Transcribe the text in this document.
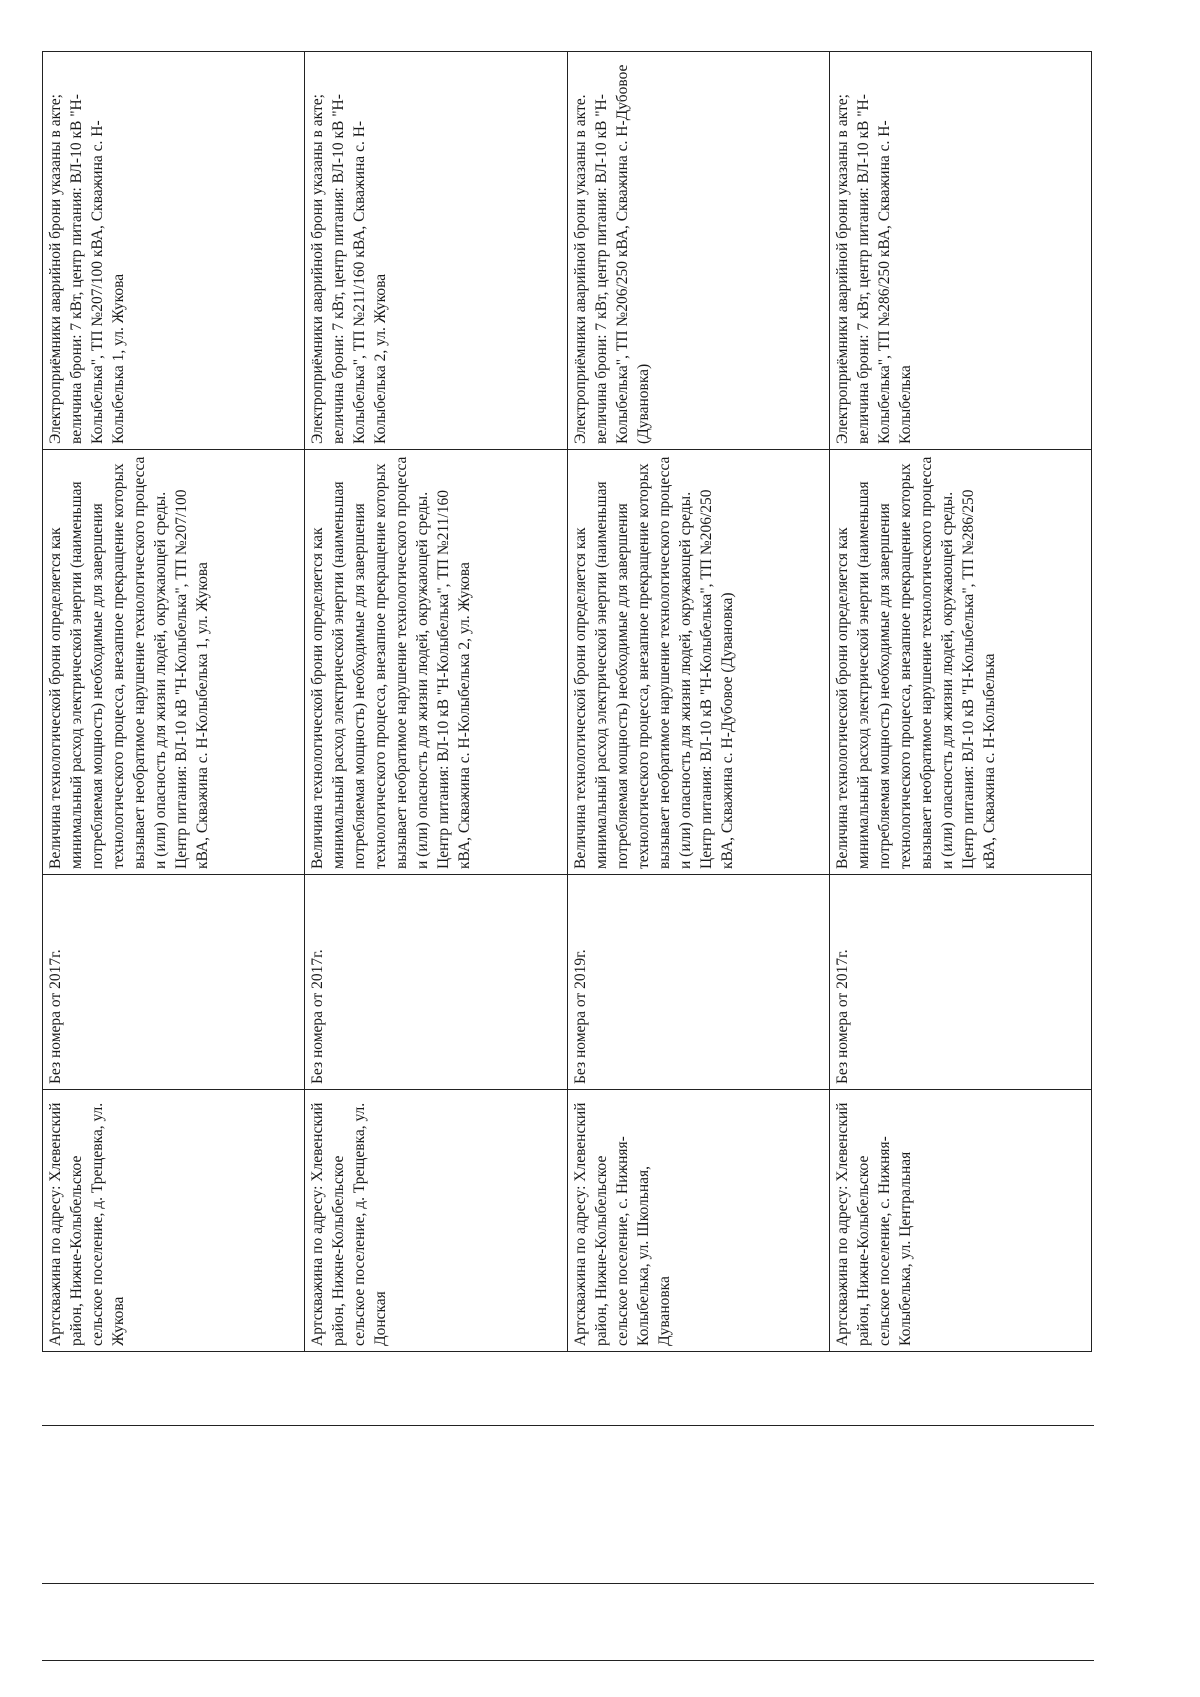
Артскважина по адресу: Хлевенский район, Нижне-Колыбельское сельское поселение, д. Трещевка, ул. Жукова	Без номера от 2017г.	Величина технологической брони определяется как минимальный расход электрической энергии (наименьшая потребляемая мощность) необходимые для завершения технологического процесса, внезапное прекращение которых вызывает необратимое нарушение технологического процесса и (или) опасность для жизни людей, окружающей среды. Центр питания: ВЛ-10 кВ "Н-Колыбелька", ТП №207/100 кВА, Скважина с. Н-Колыбелька 1, ул. Жукова	Электроприёмники аварийной брони указаны в акте; величина брони: 7 кВт, центр питания: ВЛ-10 кВ "Н-Колыбелька", ТП №207/100 кВА, Скважина с. Н-Колыбелька 1, ул. Жукова
Артскважина по адресу: Хлевенский район, Нижне-Колыбельское сельское поселение, д. Трещевка, ул. Донская	Без номера от 2017г.	Величина технологической брони определяется как минимальный расход электрической энергии (наименьшая потребляемая мощность) необходимые для завершения технологического процесса, внезапное прекращение которых вызывает необратимое нарушение технологического процесса и (или) опасность для жизни людей, окружающей среды. Центр питания: ВЛ-10 кВ "Н-Колыбелька", ТП №211/160 кВА, Скважина с. Н-Колыбелька 2, ул. Жукова	Электроприёмники аварийной брони указаны в акте; величина брони: 7 кВт, центр питания: ВЛ-10 кВ "Н-Колыбелька", ТП №211/160 кВА, Скважина с. Н-Колыбелька 2, ул. Жукова
Артскважина по адресу: Хлевенский район, Нижне-Колыбельское сельское поселение, с. Нижняя-Колыбелька, ул. Школьная, Дувановка	Без номера от 2019г.	Величина технологической брони определяется как минимальный расход электрической энергии (наименьшая потребляемая мощность) необходимые для завершения технологического процесса, внезапное прекращение которых вызывает необратимое нарушение технологического процесса и (или) опасность для жизни людей, окружающей среды. Центр питания: ВЛ-10 кВ "Н-Колыбелька", ТП №206/250 кВА, Скважина с. Н-Дубовое (Дувановка)	Электроприёмники аварийной брони указаны в акте. величина брони: 7 кВт, центр питания: ВЛ-10 кВ "Н-Колыбелька", ТП №206/250 кВА, Скважина с. Н-Дубовое (Дувановка)
Артскважина по адресу: Хлевенский район, Нижне-Колыбельское сельское поселение, с. Нижняя-Колыбелька, ул. Центральная	Без номера от 2017г.	Величина технологической брони определяется как минимальный расход электрической энергии (наименьшая потребляемая мощность) необходимые для завершения технологического процесса, внезапное прекращение которых вызывает необратимое нарушение технологического процесса и (или) опасность для жизни людей, окружающей среды. Центр питания: ВЛ-10 кВ "Н-Колыбелька", ТП №286/250 кВА, Скважина с. Н-Колыбелька	Электроприёмники аварийной брони указаны в акте; величина брони: 7 кВт, центр питания: ВЛ-10 кВ "Н-Колыбелька", ТП №286/250 кВА, Скважина с. Н-Колыбелька
